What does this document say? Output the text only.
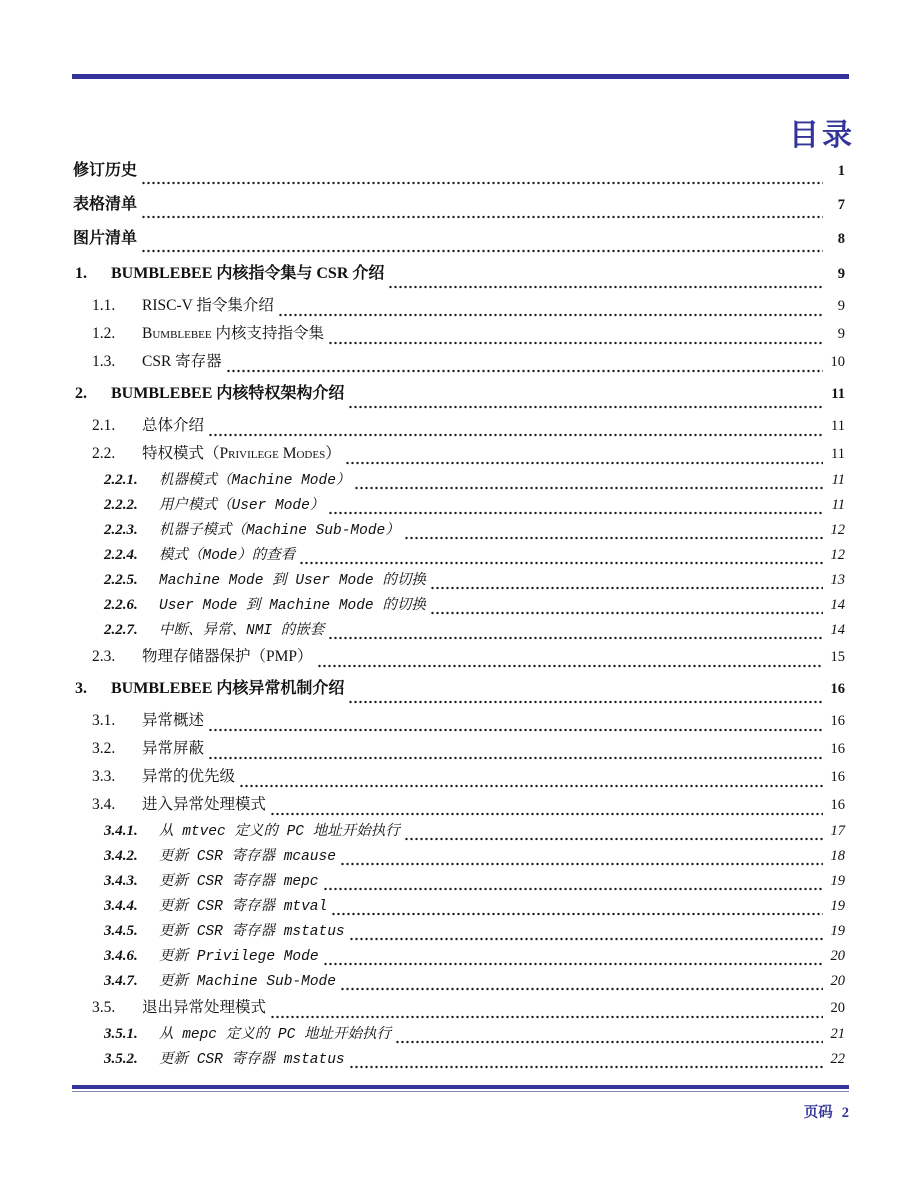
目录
修订历史	1
表格清单	7
图片清单	8
1.	BUMBLEBEE 内核指令集与 CSR 介绍	9
1.1.	RISC-V 指令集介绍	9
1.2.	Bumblebee 内核支持指令集	9
1.3.	CSR 寄存器	10
2.	BUMBLEBEE 内核特权架构介绍	11
2.1.	总体介绍	11
2.2.	特权模式（Privilege Modes）	11
2.2.1.	机器模式（Machine Mode）	11
2.2.2.	用户模式（User Mode）	11
2.2.3.	机器子模式（Machine Sub-Mode）	12
2.2.4.	模式（Mode）的查看	12
2.2.5.	Machine Mode 到 User Mode 的切换	13
2.2.6.	User Mode 到 Machine Mode 的切换	14
2.2.7.	中断、异常、NMI 的嵌套	14
2.3.	物理存储器保护（PMP）	15
3.	BUMBLEBEE 内核异常机制介绍	16
3.1.	异常概述	16
3.2.	异常屏蔽	16
3.3.	异常的优先级	16
3.4.	进入异常处理模式	16
3.4.1.	从 mtvec 定义的 PC 地址开始执行	17
3.4.2.	更新 CSR 寄存器 mcause	18
3.4.3.	更新 CSR 寄存器 mepc	19
3.4.4.	更新 CSR 寄存器 mtval	19
3.4.5.	更新 CSR 寄存器 mstatus	19
3.4.6.	更新 Privilege Mode	20
3.4.7.	更新 Machine Sub-Mode	20
3.5.	退出异常处理模式	20
3.5.1.	从 mepc 定义的 PC 地址开始执行	21
3.5.2.	更新 CSR 寄存器 mstatus	22
页码 2
